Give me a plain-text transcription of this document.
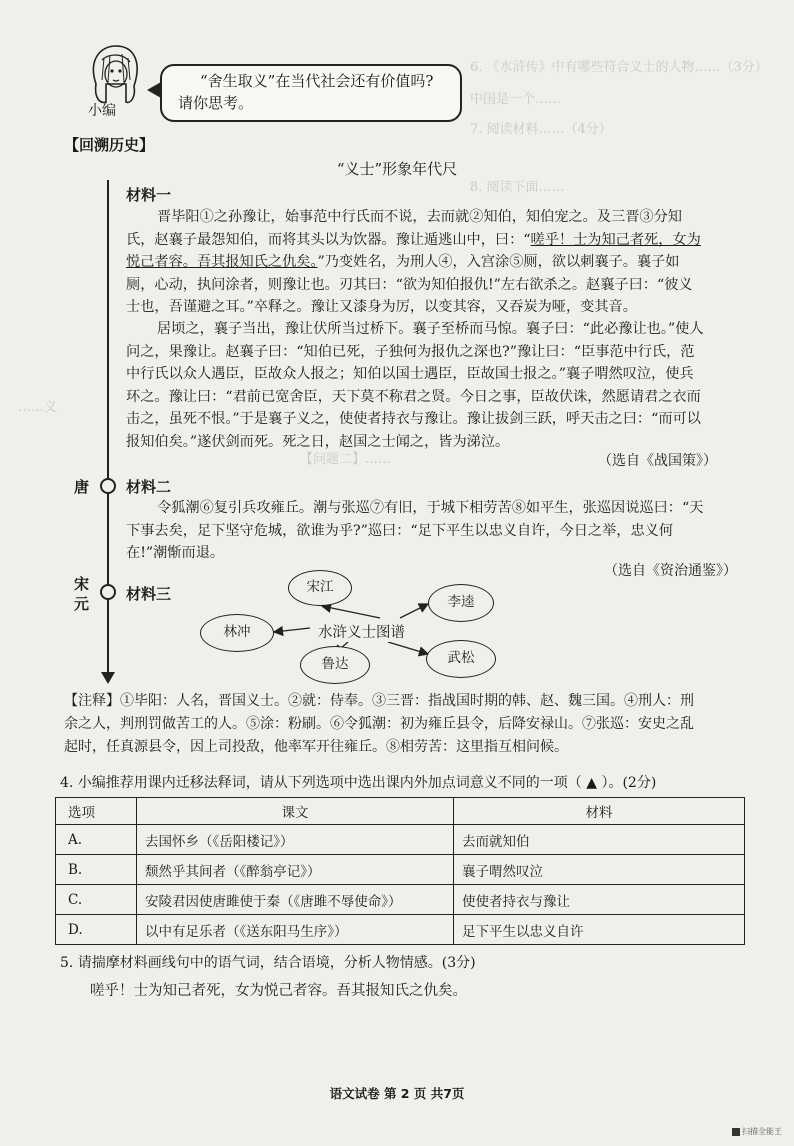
6. 《水浒传》中有哪些符合义士的人物……（3分）
中国是一个……
7. 阅读材料……（4分）
8. 阅读下面……
……义
【问题二】……
小编
“舍生取义”在当代社会还有价值吗?
请你思考。
【回溯历史】
“义士”形象年代尺
唐
宋
元
材料一
晋毕阳①之孙豫让，始事范中行氏而不说，去而就②知伯，知伯宠之。及三晋③分知氏，赵襄子最怨知伯，而将其头以为饮器。豫让遁逃山中，曰：“嗟乎！士为知己者死，女为悦己者容。吾其报知氏之仇矣。”乃变姓名，为刑人④，入宫涂⑤厕，欲以刺襄子。襄子如厕，心动，执问涂者，则豫让也。刃其曰：“欲为知伯报仇!”左右欲杀之。赵襄子曰：“彼义士也，吾谨避之耳。”卒释之。豫让又漆身为厉，以变其容，又吞炭为哑，变其音。
居顷之，襄子当出，豫让伏所当过桥下。襄子至桥而马惊。襄子曰：“此必豫让也。”使人问之，果豫让。赵襄子曰：“知伯已死，子独何为报仇之深也?”豫让曰：“臣事范中行氏，范中行氏以众人遇臣，臣故众人报之；知伯以国士遇臣，臣故国士报之。”襄子喟然叹泣，使兵环之。豫让曰：“君前已宽舍臣，天下莫不称君之贤。今日之事，臣故伏诛，然愿请君之衣而击之，虽死不恨。”于是襄子义之，使使者持衣与豫让。豫让拔剑三跃，呼天击之曰：“而可以报知伯矣。”遂伏剑而死。死之日，赵国之士闻之，皆为涕泣。
（选自《战国策》）
材料二
令狐潮⑥复引兵攻雍丘。潮与张巡⑦有旧，于城下相劳苦⑧如平生，张巡因说巡曰：“天下事去矣，足下坚守危城，欲谁为乎?”巡曰：“足下平生以忠义自许，今日之举，忠义何在!”潮惭而退。
（选自《资治通鉴》）
材料三	宋江
李逵
林冲
鲁达	武松
水浒义士图谱
【注释】①毕阳：人名，晋国义士。②就：侍奉。③三晋：指战国时期的韩、赵、魏三国。④刑人：刑
余之人，判刑罚做苦工的人。⑤涂：粉刷。⑥令狐潮：初为雍丘县令，后降安禄山。⑦张巡：安史之乱
起时，任真源县令，因上司投敌，他率军开往雍丘。⑧相劳苦：这里指互相问候。
4. 小编推荐用课内迁移法释词，请从下列选项中选出课内外加点词意义不同的一项（ ▲ ）。(2分)
选项	课文	材料
A.	去国怀乡（《岳阳楼记》）	去而就知伯
B.	颓然乎其间者（《醉翁亭记》）	襄子喟然叹泣
C.	安陵君因使唐雎使于秦（《唐雎不辱使命》）	使使者持衣与豫让
D.	以中有足乐者（《送东阳马生序》）	足下平生以忠义自许
5. 请揣摩材料画线句中的语气词，结合语境，分析人物情感。(3分)
嗟乎！士为知己者死，女为悦己者容。吾其报知氏之仇矣。
语文试卷 第 2 页 共7页
扫描全能王
